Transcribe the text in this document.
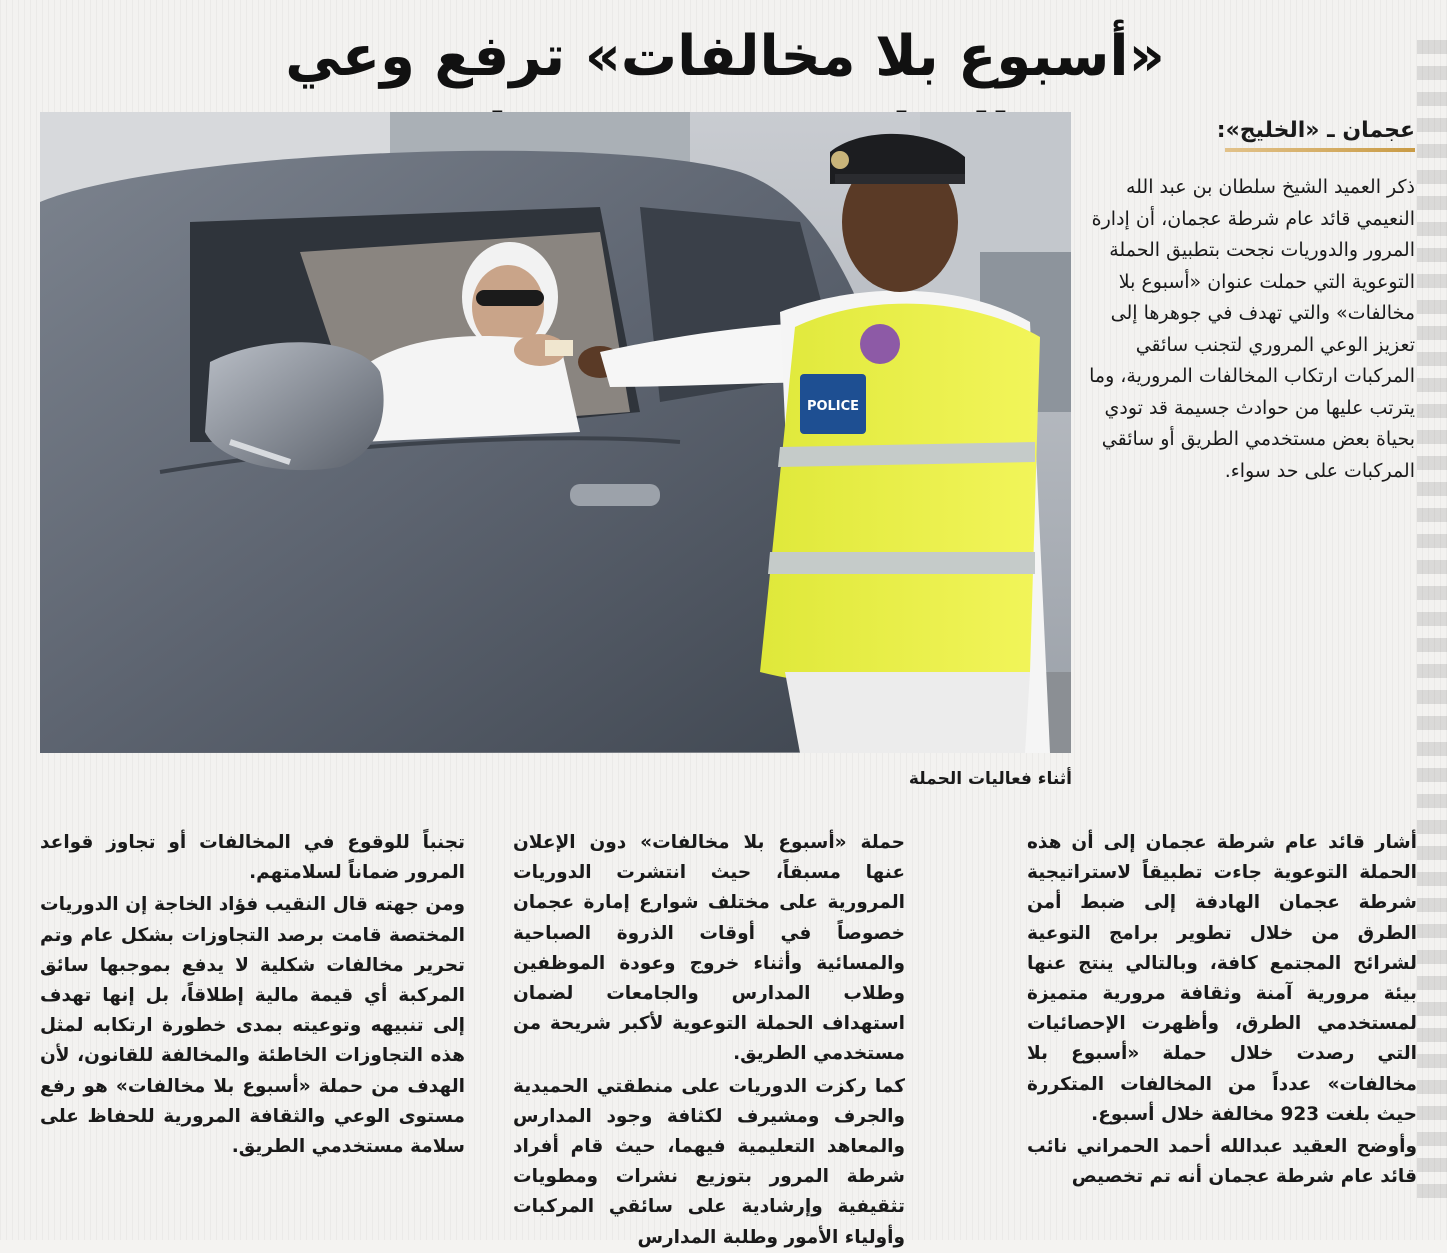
«أسبوع بلا مخالفات» ترفع وعي
عجمان ـ «الخليج»:
ذكر العميد الشيخ سلطان بن عبد الله النعيمي قائد عام شرطة عجمان، أن إدارة المرور والدوريات نجحت بتطبيق الحملة التوعوية التي حملت عنوان «أسبوع بلا مخالفات» والتي تهدف في جوهرها إلى تعزيز الوعي المروري لتجنب سائقي المركبات ارتكاب المخالفات المرورية، وما يترتب عليها من حوادث جسيمة قد تودي بحياة بعض مستخدمي الطريق أو سائقي المركبات على حد سواء.
POLICE
أثناء فعاليات الحملة

أشار قائد عام شرطة عجمان إلى أن هذه الحملة التوعوية جاءت تطبيقاً لاستراتيجية شرطة عجمان الهادفة إلى ضبط أمن الطرق من خلال تطوير برامج التوعية لشرائح المجتمع كافة، وبالتالي ينتج عنها بيئة مرورية آمنة وثقافة مرورية متميزة لمستخدمي الطرق، وأظهرت الإحصائيات التي رصدت خلال حملة «أسبوع بلا مخالفات» عدداً من المخالفات المتكررة حيث بلغت 923 مخالفة خلال أسبوع.

وأوضح العقيد عبدالله أحمد الحمراني نائب قائد عام شرطة عجمان أنه تم تخصيص

حملة «أسبوع بلا مخالفات» دون الإعلان عنها مسبقاً، حيث انتشرت الدوريات المرورية على مختلف شوارع إمارة عجمان خصوصاً في أوقات الذروة الصباحية والمسائية وأثناء خروج وعودة الموظفين وطلاب المدارس والجامعات لضمان استهداف الحملة التوعوية لأكبر شريحة من مستخدمي الطريق.

كما ركزت الدوريات على منطقتي الحميدية والجرف ومشيرف لكثافة وجود المدارس والمعاهد التعليمية فيهما، حيث قام أفراد شرطة المرور بتوزيع نشرات ومطويات تثقيفية وإرشادية على سائقي المركبات وأولياء الأمور وطلبة المدارس

تجنباً للوقوع في المخالفات أو تجاوز قواعد المرور ضماناً لسلامتهم.

ومن جهته قال النقيب فؤاد الخاجة إن الدوريات المختصة قامت برصد التجاوزات بشكل عام وتم تحرير مخالفات شكلية لا يدفع بموجبها سائق المركبة أي قيمة مالية إطلاقاً، بل إنها تهدف إلى تنبيهه وتوعيته بمدى خطورة ارتكابه لمثل هذه التجاوزات الخاطئة والمخالفة للقانون، لأن الهدف من حملة «أسبوع بلا مخالفات» هو رفع مستوى الوعي والثقافة المرورية للحفاظ على سلامة مستخدمي الطريق.
